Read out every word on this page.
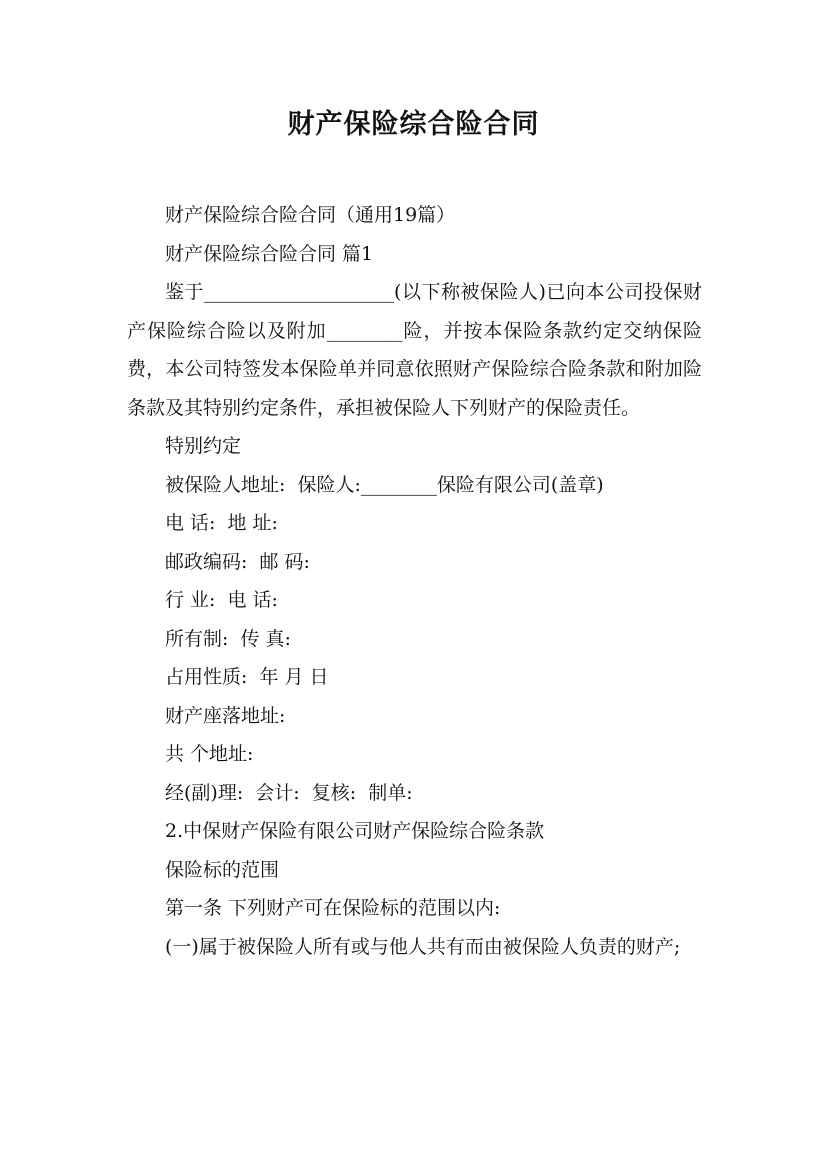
财产保险综合险合同

财产保险综合险合同（通用19篇）

财产保险综合险合同 篇1

鉴于____________________(以下称被保险人)已向本公司投保财产保险综合险以及附加________险，并按本保险条款约定交纳保险费，本公司特签发本保险单并同意依照财产保险综合险条款和附加险条款及其特别约定条件，承担被保险人下列财产的保险责任。

特别约定

被保险人地址:  保险人:________保险有限公司(盖章)

电 话:  地 址:

邮政编码:  邮 码:

行 业:  电 话:

所有制:  传 真:

占用性质:  年 月 日

财产座落地址:

共 个地址:

经(副)理:  会计:  复核:  制单:

2.中保财产保险有限公司财产保险综合险条款

保险标的范围

第一条 下列财产可在保险标的范围以内:

(一)属于被保险人所有或与他人共有而由被保险人负责的财产;
